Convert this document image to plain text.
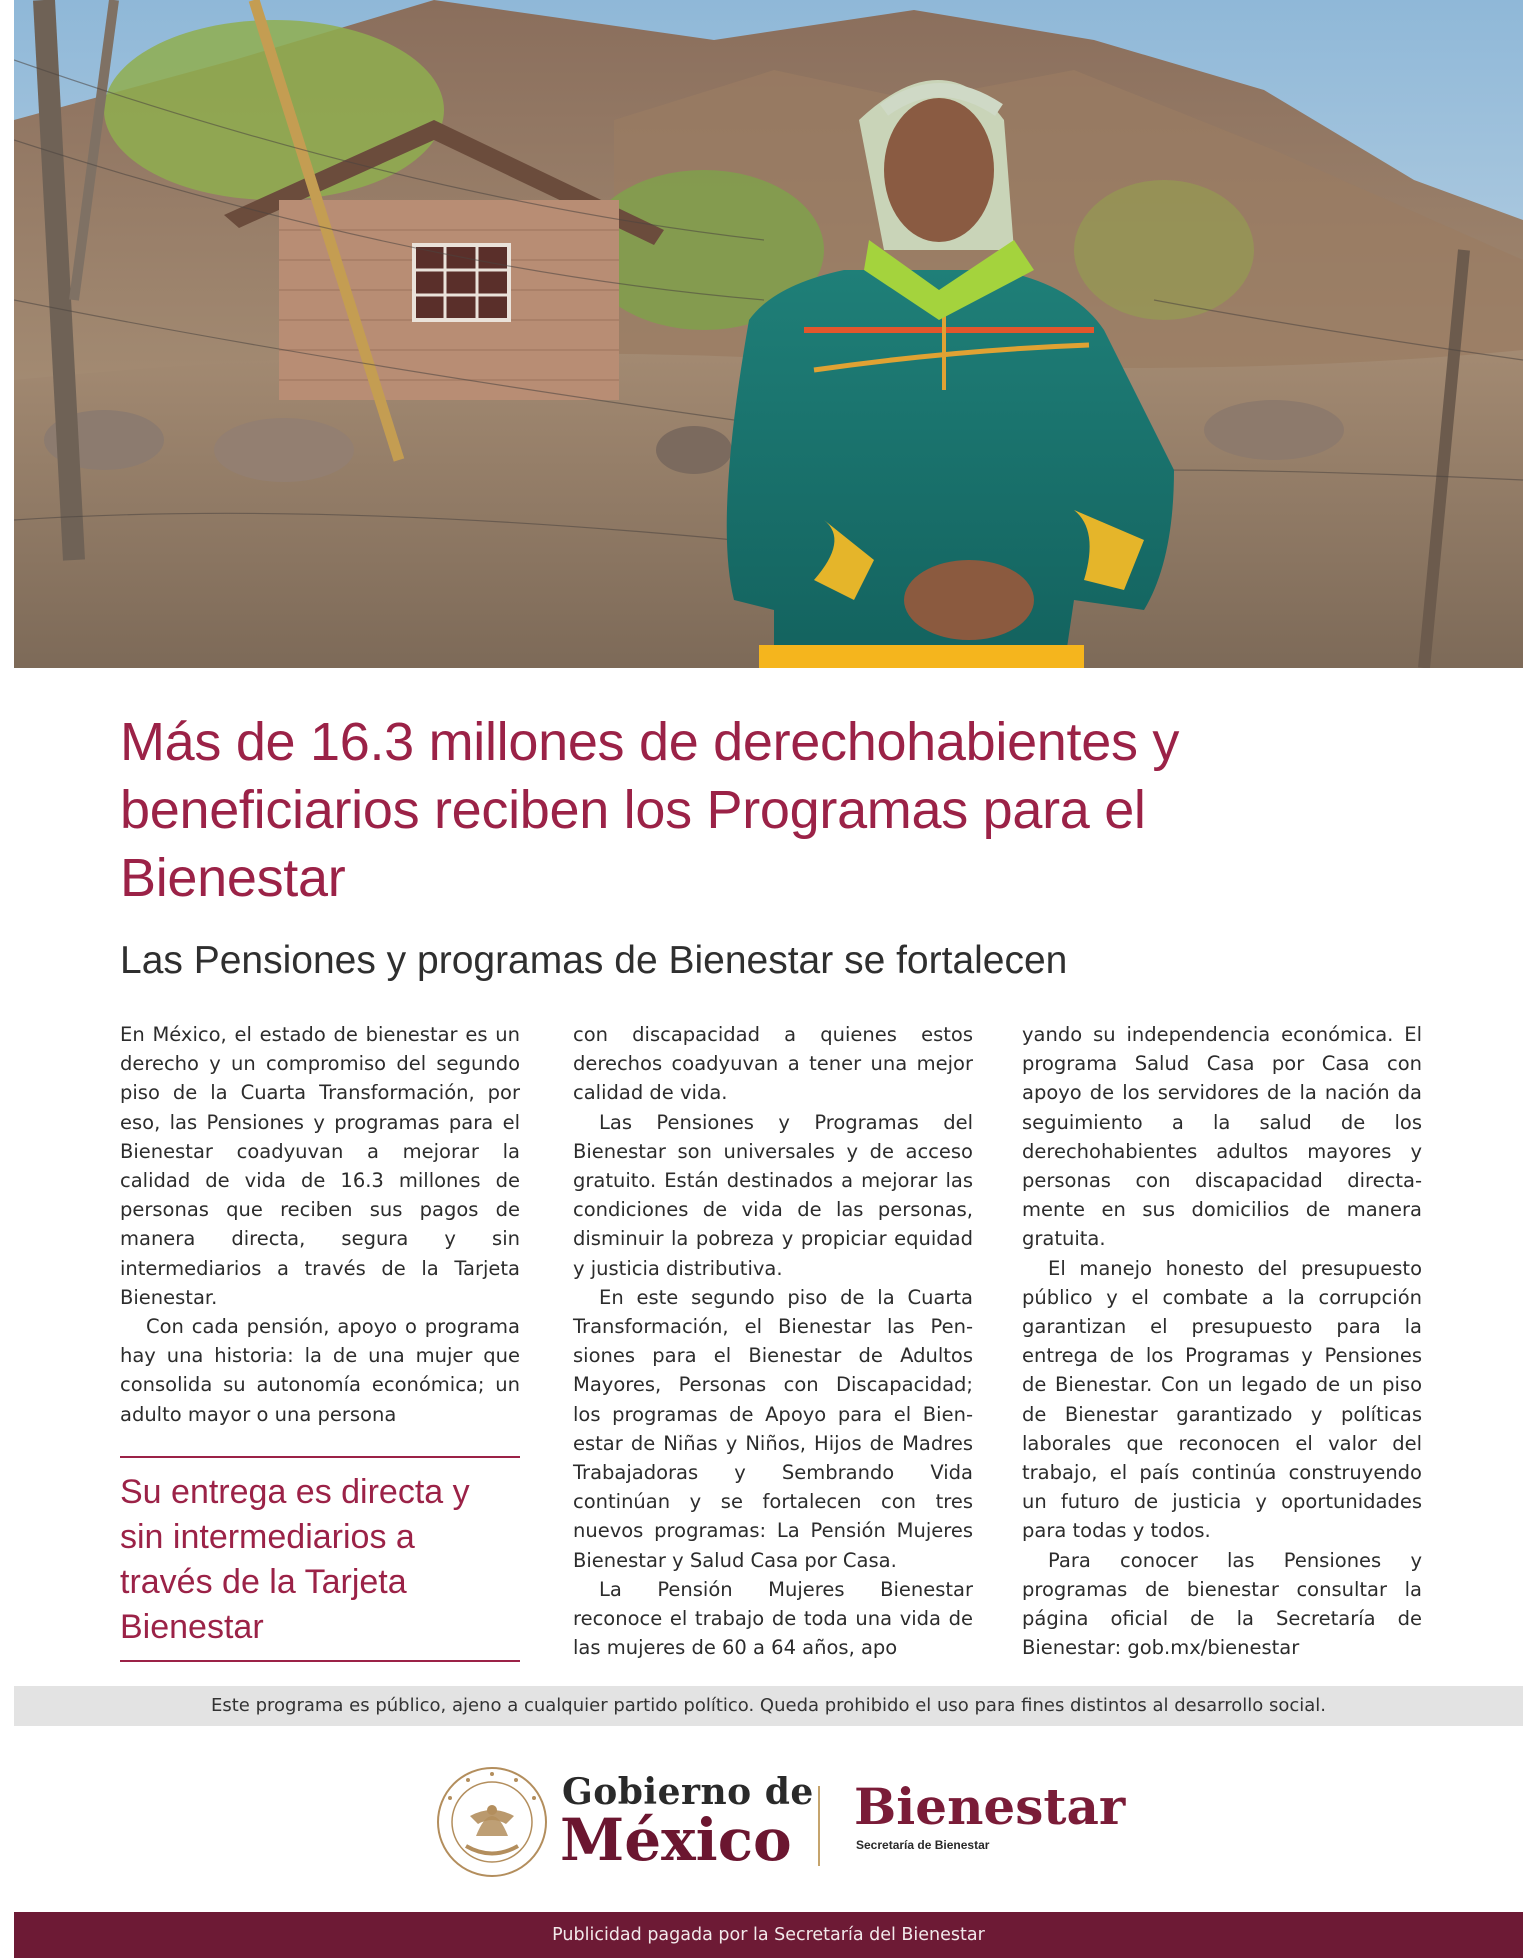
Más de 16.3 millones de derechohabientes y beneficiarios reciben los Programas para el Bienestar
Las Pensiones y programas de Bienestar se fortalecen

En México, el estado de bienestar es un derecho y un compromiso del segundo piso de la Cuarta Transformación, por eso, las Pensiones y programas para el Bienestar coadyuvan a mejorar la calidad de vida de 16.3 millones de personas que reciben sus pagos de manera directa, segura y sin intermediarios a través de la Tarjeta Bienestar.

Con cada pensión, apoyo o programa hay una historia: la de una mujer que consolida su autonomía económica; un adulto mayor o una persona

Su entrega es directa y
sin intermediarios a
través de la Tarjeta
Bienestar

con discapacidad a quienes estos derechos coadyuvan a tener una mejor calidad de vida.

Las Pensiones y Programas del Bienestar son universales y de acceso gratuito. Están destinados a mejorar las condiciones de vida de las personas, disminuir la pobreza y propiciar equidad y justicia distributiva.

En este segundo piso de la Cuarta Transformación, el Bienestar las Pensiones para el Bienestar de Adultos Mayores, Personas con Discapacidad; los programas de Apoyo para el Bienestar de Niñas y Niños, Hijos de Madres Trabajadoras y Sembrando Vida continúan y se fortalecen con tres nuevos programas: La Pensión Mujeres Bienestar y Salud Casa por Casa.

La Pensión Mujeres Bienestar reconoce el trabajo de toda una vida de las mujeres de 60 a 64 años, apo

yando su independencia económica. El programa Salud Casa por Casa con apoyo de los servidores de la nación da seguimiento a la salud de los derechohabientes adultos mayores y personas con discapacidad directamente en sus domicilios de manera gratuita.

El manejo honesto del presupuesto público y el combate a la corrupción garantizan el presupuesto para la entrega de los Programas y Pensiones de Bienestar. Con un legado de un piso de Bienestar garantizado y políticas laborales que reconocen el valor del trabajo, el país continúa construyendo un futuro de justicia y oportunidades para todas y todos.

Para conocer las Pensiones y programas de bienestar consultar la página oficial de la Secretaría de Bienestar: gob.mx/bienestar

Este programa es público, ajeno a cualquier partido político. Queda prohibido el uso para fines distintos al desarrollo social.
Gobierno de
México Bienestar
Secretaría de Bienestar
Publicidad pagada por la Secretaría del Bienestar
